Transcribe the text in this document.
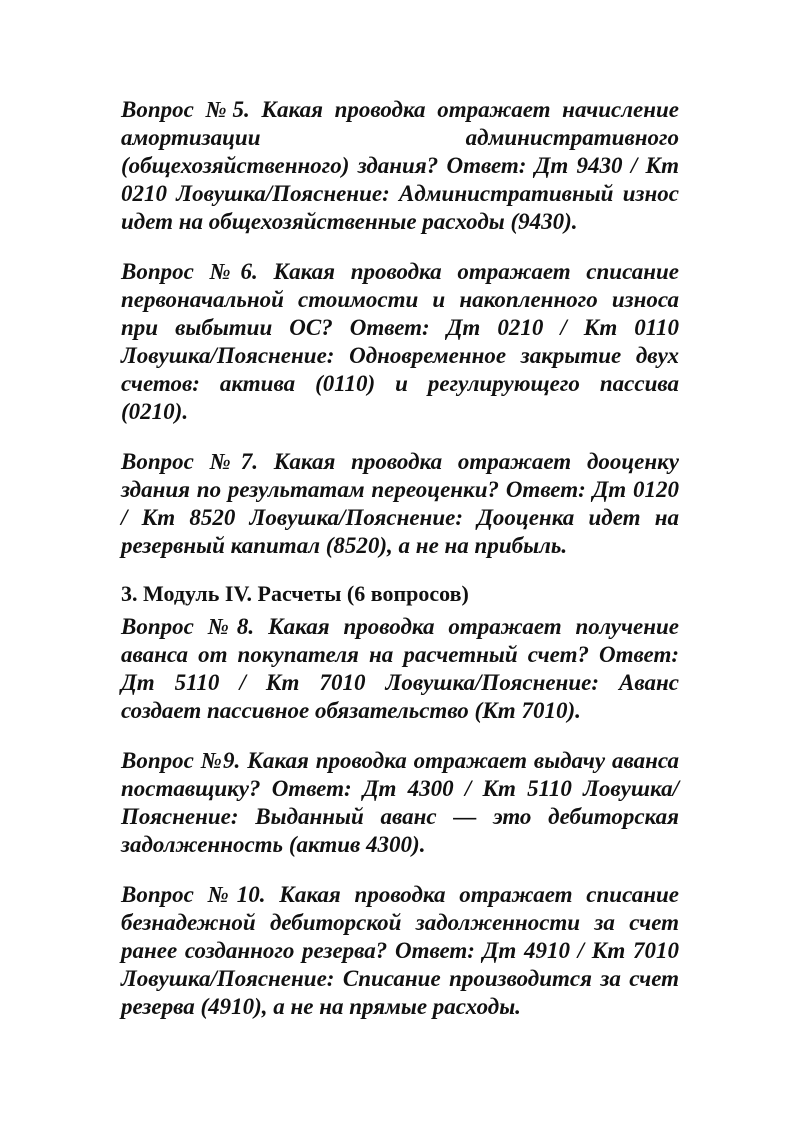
Вопрос №5. Какая проводка отражает начисление амортизации административного (общехозяйственного) здания? Ответ: Дт 9430 / Кт 0210 Ловушка/Пояснение: Административный износ идет на общехозяйственные расходы (9430).

Вопрос №6. Какая проводка отражает списание первоначальной стоимости и накопленного износа при выбытии ОС? Ответ: Дт 0210 / Кт 0110 Ловушка/Пояснение: Одновременное закрытие двух счетов: актива (0110) и регулирующего пассива (0210).

Вопрос №7. Какая проводка отражает дооценку здания по результатам переоценки? Ответ: Дт 0120 / Кт 8520 Ловушка/Пояснение: Дооценка идет на резервный капитал (8520), а не на прибыль.

3. Модуль IV. Расчеты (6 вопросов)

Вопрос №8. Какая проводка отражает получение аванса от покупателя на расчетный счет? Ответ: Дт 5110 / Кт 7010 Ловушка/Пояснение: Аванс создает пассивное обязательство (Кт 7010).

Вопрос №9. Какая проводка отражает выдачу аванса поставщику? Ответ: Дт 4300 / Кт 5110 Ловушка/Пояснение: Выданный аванс — это дебиторская задолженность (актив 4300).

Вопрос №10. Какая проводка отражает списание безнадежной дебиторской задолженности за счет ранее созданного резерва? Ответ: Дт 4910 / Кт 7010 Ловушка/Пояснение: Списание производится за счет резерва (4910), а не на прямые расходы.
